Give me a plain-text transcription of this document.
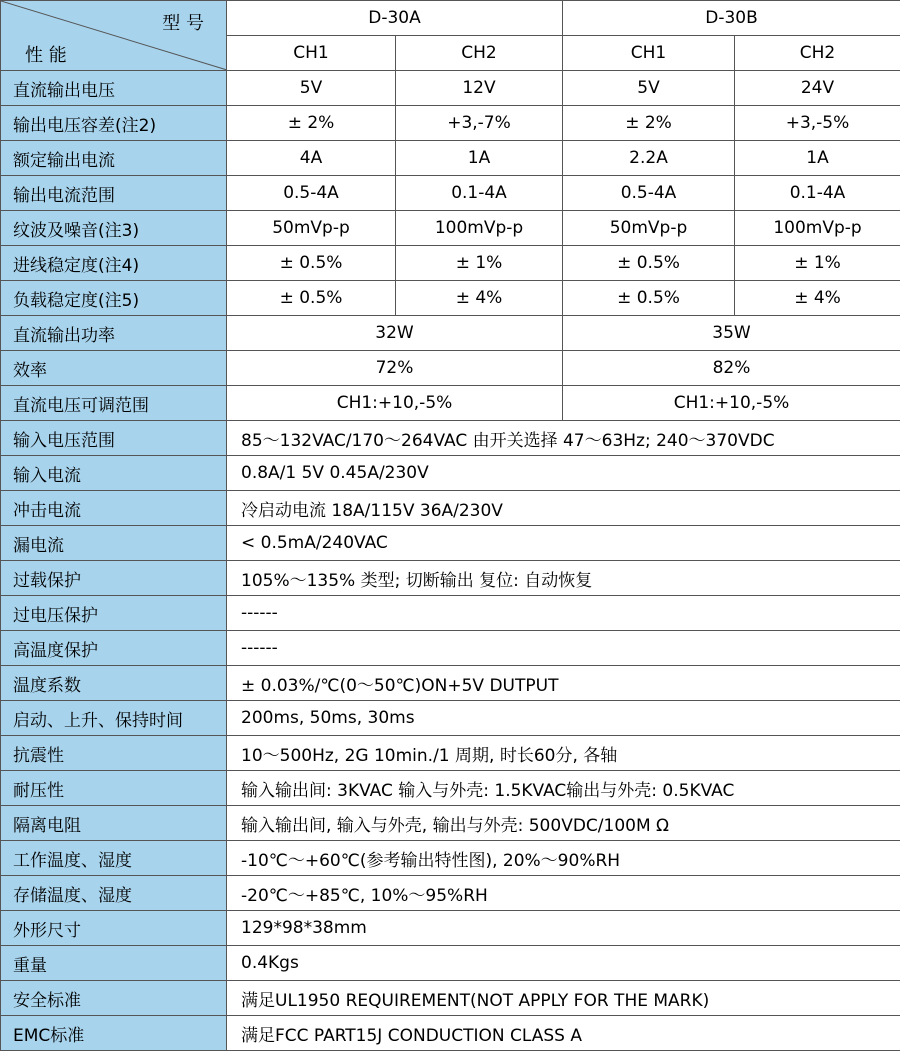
型 号
性 能	D-30A		D-30B	
	CH1	CH2	CH1	CH2
直流输出电压	5V	12V	5V	24V
输出电压容差(注2)	± 2%	+3,-7%	± 2%	+3,-5%
额定输出电流	4A	1A	2.2A	1A
输出电流范围	0.5-4A	0.1-4A	0.5-4A	0.1-4A
纹波及噪音(注3)	50mVp-p	100mVp-p	50mVp-p	100mVp-p
进线稳定度(注4)	± 0.5%	± 1%	± 0.5%	± 1%
负载稳定度(注5)	± 0.5%	± 4%	± 0.5%	± 4%
直流输出功率	32W		35W	
效率	72%		82%	
直流电压可调范围	CH1:+10,-5%		CH1:+10,-5%	
输入电压范围	85～132VAC/170～264VAC 由开关选择 47～63Hz; 240～370VDC			
输入电流	0.8A/1 5V 0.45A/230V			
冲击电流	冷启动电流 18A/115V 36A/230V			
漏电流	< 0.5mA/240VAC			
过载保护	105%～135% 类型; 切断输出 复位: 自动恢复			
过电压保护	------			
高温度保护	------			
温度系数	± 0.03%/℃(0～50℃)ON+5V DUTPUT			
启动、上升、保持时间	200ms, 50ms, 30ms			
抗震性	10～500Hz, 2G 10min./1 周期, 时长60分, 各轴			
耐压性	输入输出间: 3KVAC 输入与外壳: 1.5KVAC输出与外壳: 0.5KVAC			
隔离电阻	输入输出间, 输入与外壳, 输出与外壳: 500VDC/100M Ω			
工作温度、湿度	-10℃～+60℃(参考输出特性图), 20%～90%RH			
存储温度、湿度	-20℃～+85℃, 10%～95%RH			
外形尺寸	129*98*38mm			
重量	0.4Kgs			
安全标准	满足UL1950 REQUIREMENT(NOT APPLY FOR THE MARK)			
EMC标准	满足FCC PART15J CONDUCTION CLASS A			
